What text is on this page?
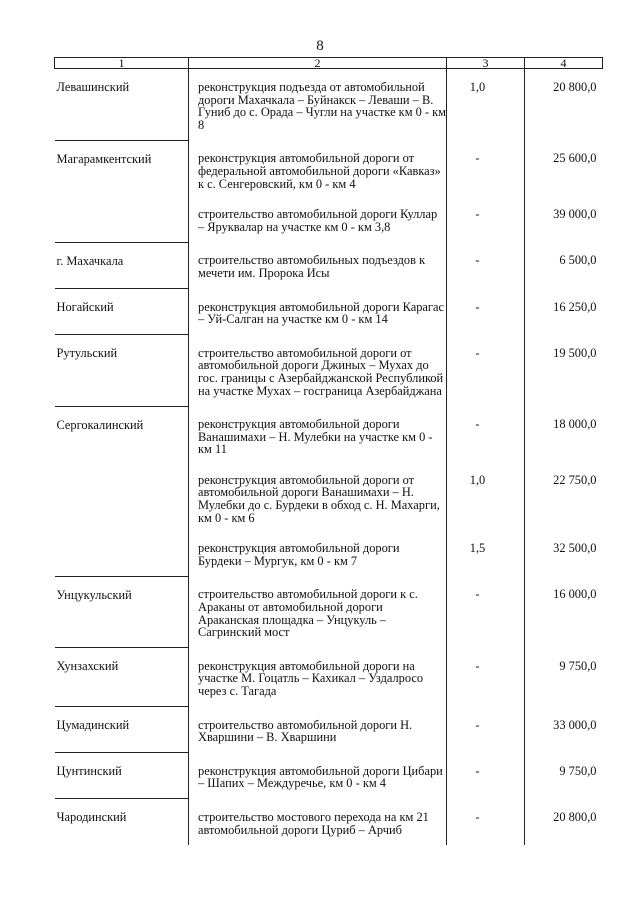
8
1	2	3	4
Левашинский	реконструкция подъезда от автомобильной дороги Махачкала – Буйнакск – Леваши – В. Гуниб до с. Орада – Чугли на участке км 0 - км 8	1,0	20 800,0
Магарамкентский	реконструкция автомобильной дороги от федеральной автомобильной дороги «Кавказ» к с. Сенгеровский, км 0 - км 4	-	25 600,0
	строительство автомобильной дороги Куллар – Яруквалар на участке км 0 - км 3,8	-	39 000,0
г. Махачкала	строительство автомобильных подъездов к мечети им. Пророка Исы	-	6 500,0
Ногайский	реконструкция автомобильной дороги Карагас – Уй-Салган на участке км 0 - км 14	-	16 250,0
Рутульский	строительство автомобильной дороги от автомобильной дороги Джиных – Мухах до гос. границы с Азербайджанской Республикой на участке Мухах – госграница Азербайджана	-	19 500,0
Сергокалинский	реконструкция автомобильной дороги Ванашимахи – Н. Мулебки на участке км 0 - км 11	-	18 000,0
	реконструкция автомобильной дороги от автомобильной дороги Ванашимахи – Н. Мулебки до с. Бурдеки в обход с. Н. Махарги, км 0 - км 6	1,0	22 750,0
	реконструкция автомобильной дороги Бурдеки – Мургук, км 0 - км 7	1,5	32 500,0
Унцукульский	строительство автомобильной дороги к с. Араканы от автомобильной дороги Араканская площадка – Унцукуль – Сагринский мост	-	16 000,0
Хунзахский	реконструкция автомобильной дороги на участке М. Гоцатль – Кахикал – Уздалросо через с. Тагада	-	9 750,0
Цумадинский	строительство автомобильной дороги Н. Хваршини – В. Хваршини	-	33 000,0
Цунтинский	реконструкция автомобильной дороги Цибари – Шапих – Междуречье, км 0 - км 4	-	9 750,0
Чародинский	строительство мостового перехода на км 21 автомобильной дороги Цуриб – Арчиб	-	20 800,0
